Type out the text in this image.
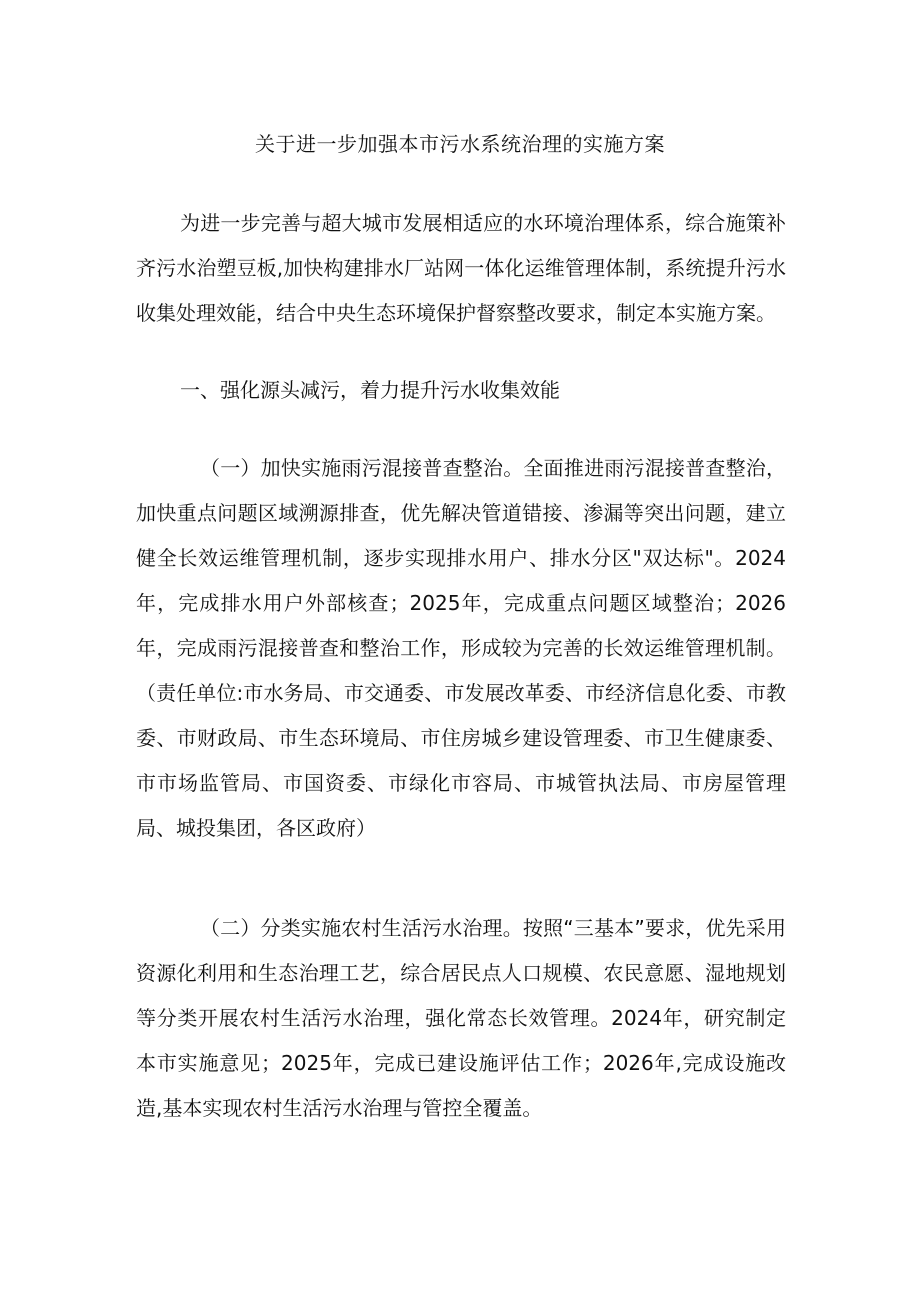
关于进一步加强本市污水系统治理的实施方案

为进一步完善与超大城市发展相适应的水环境治理体系，综合施策补齐污水治塑豆板,加快构建排水厂站网一体化运维管理体制，系统提升污水收集处理效能，结合中央生态环境保护督察整改要求，制定本实施方案。

一、强化源头减污，着力提升污水收集效能

（一）加快实施雨污混接普查整治。全面推进雨污混接普查整治，加快重点问题区域溯源排查，优先解决管道错接、渗漏等突出问题，建立健全长效运维管理机制，逐步实现排水用户、排水分区"双达标"。2024年，完成排水用户外部核查；2025年，完成重点问题区域整治；2026年，完成雨污混接普查和整治工作，形成较为完善的长效运维管理机制。（责任单位:市水务局、市交通委、市发展改革委、市经济信息化委、市教委、市财政局、市生态环境局、市住房城乡建设管理委、市卫生健康委、市市场监管局、市国资委、市绿化市容局、市城管执法局、市房屋管理局、城投集团，各区政府）

（二）分类实施农村生活污水治理。按照“三基本”要求，优先采用资源化利用和生态治理工艺，综合居民点人口规模、农民意愿、湿地规划等分类开展农村生活污水治理，强化常态长效管理。2024年，研究制定本市实施意见；2025年，完成已建设施评估工作；2026年,完成设施改造,基本实现农村生活污水治理与管控全覆盖。
